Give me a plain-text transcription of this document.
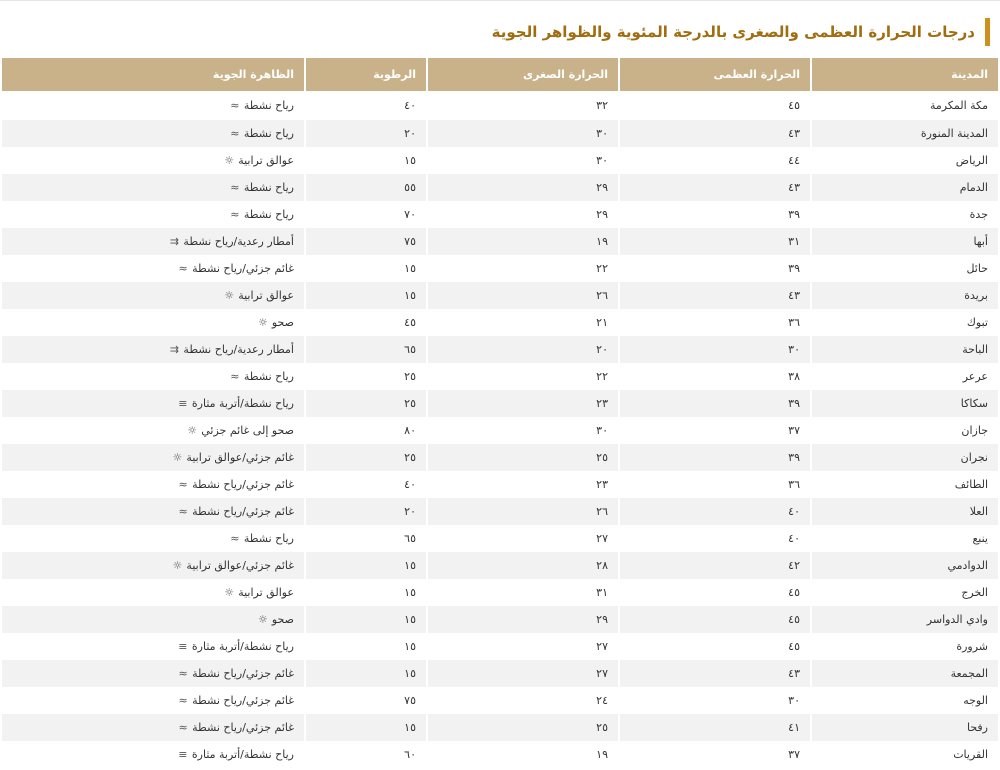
درجات الحرارة العظمى والصغرى بالدرجة المئوية والظواهر الجوية
المدينة	الحرارة العظمى	الحرارة الصغرى	الرطوبة	الظاهرة الجوية
مكة المكرمة	٤٥	٣٢	٤٠	رياح نشطة
≈

المدينة المنورة	٤٣	٣٠	٢٠	رياح نشطة
≈

الرياض	٤٤	٣٠	١٥	عوالق ترابية
☼

الدمام	٤٣	٢٩	٥٥	رياح نشطة
≈

جدة	٣٩	٢٩	٧٠	رياح نشطة
≈

أبها	٣١	١٩	٧٥	أمطار رعدية/رياح نشطة
⇉

حائل	٣٩	٢٢	١٥	غائم جزئي/رياح نشطة
≈

بريدة	٤٣	٢٦	١٥	عوالق ترابية
☼

تبوك	٣٦	٢١	٤٥	صحو
☼

الباحة	٣٠	٢٠	٦٥	أمطار رعدية/رياح نشطة
⇉

عرعر	٣٨	٢٢	٢٥	رياح نشطة
≈

سكاكا	٣٩	٢٣	٢٥	رياح نشطة/أتربة مثارة
≡

جازان	٣٧	٣٠	٨٠	صحو إلى غائم جزئي
☼

نجران	٣٩	٢٥	٢٥	غائم جزئي/عوالق ترابية
☼

الطائف	٣٦	٢٣	٤٠	غائم جزئي/رياح نشطة
≈

العلا	٤٠	٢٦	٢٠	غائم جزئي/رياح نشطة
≈

ينبع	٤٠	٢٧	٦٥	رياح نشطة
≈

الدوادمي	٤٢	٢٨	١٥	غائم جزئي/عوالق ترابية
☼

الخرج	٤٥	٣١	١٥	عوالق ترابية
☼

وادي الدواسر	٤٥	٢٩	١٥	صحو
☼

شرورة	٤٥	٢٧	١٥	رياح نشطة/أتربة مثارة
≡

المجمعة	٤٣	٢٧	١٥	غائم جزئي/رياح نشطة
≈

الوجه	٣٠	٢٤	٧٥	غائم جزئي/رياح نشطة
≈

رفحا	٤١	٢٥	١٥	غائم جزئي/رياح نشطة
≈

القريات	٣٧	١٩	٦٠	رياح نشطة/أتربة مثارة
≡
